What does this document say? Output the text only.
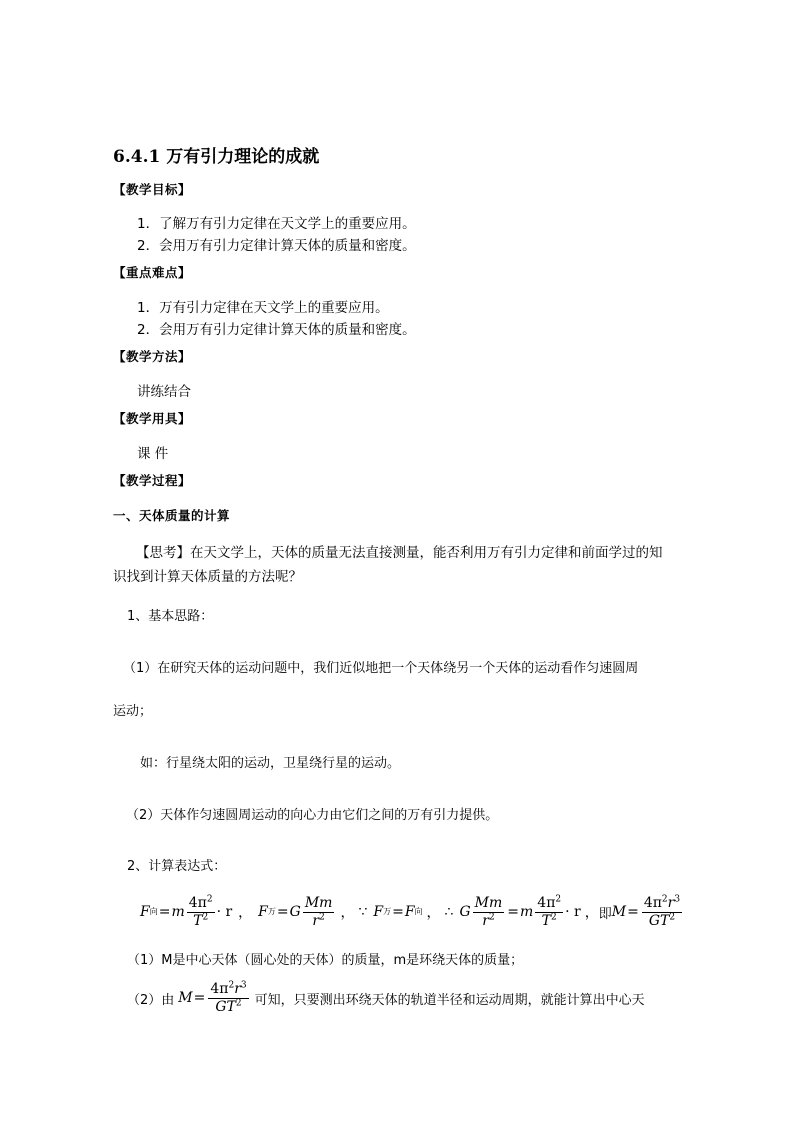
6.4.1 万有引力理论的成就
【教学目标】
1．了解万有引力定律在天文学上的重要应用。
2．会用万有引力定律计算天体的质量和密度。
【重点难点】
1．万有引力定律在天文学上的重要应用。
2．会用万有引力定律计算天体的质量和密度。
【教学方法】
讲练结合
【教学用具】
课 件
【教学过程】
一、天体质量的计算
【思考】在天文学上，天体的质量无法直接测量，能否利用万有引力定律和前面学过的知
识找到计算天体质量的方法呢？
1、基本思路：
（1）在研究天体的运动问题中，我们近似地把一个天体绕另一个天体的运动看作匀速圆周
运动；
如：行星绕太阳的运动，卫星绕行星的运动。
（2）天体作匀速圆周运动的向心力由它们之间的万有引力提供。
2、计算表达式：
F 向 = m $\frac{4\pi^2}{T^2} \cdot r$ ， F 万 = G $\frac{Mm}{r^2}$ ， ∵ F 万 = F 向 ， ∴ G $\frac{Mm}{r^2} = m \frac{4\pi^2}{T^2} \cdot r$ ， 即 $M = \frac{4\pi^2r^3}{GT^2}$
（1）M是中心天体（圆心处的天体）的质量，m是环绕天体的质量；
（2）由 $M = \frac{4\pi^2r^3}{GT^2}$ 可知，只要测出环绕天体的轨道半径和运动周期，就能计算出中心天
